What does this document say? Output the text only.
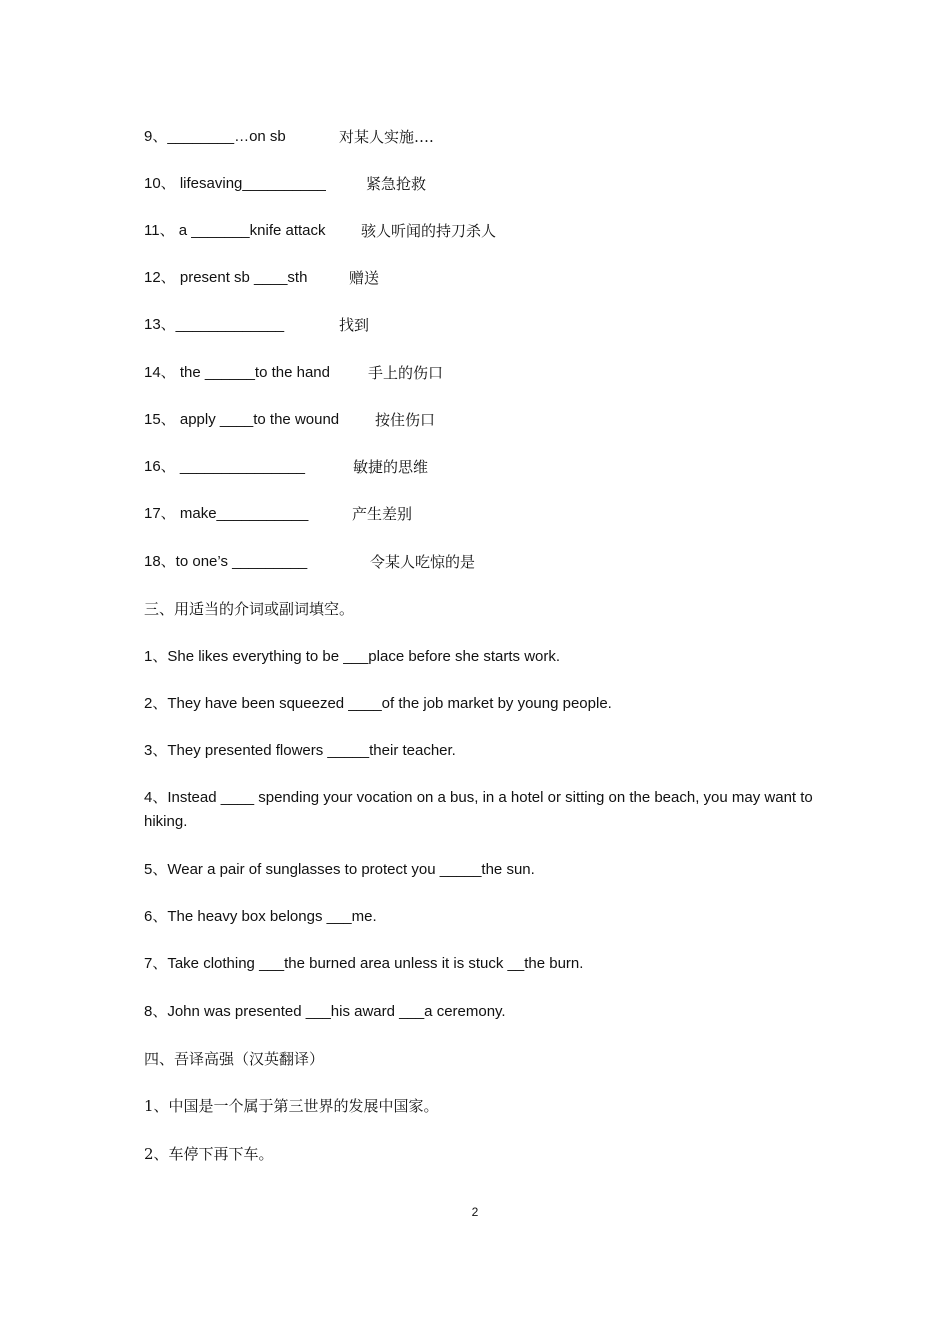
9、________…on sb	对某人实施….
10、 lifesaving__________	紧急抢救
11、 a _______knife attack 骇人听闻的持刀杀人
12、 present sb ____sth	赠送
13、_____________	找到
14、 the ______to the hand	手上的伤口
15、 apply ____to the wound 按住伤口
16、 _______________	敏捷的思维
17、 make___________	产生差别
18、to one’s _________	令某人吃惊的是
三、用适当的介词或副词填空。
1、She likes everything to be ___place before she starts work.
2、They have been squeezed ____of the job market by young people.
3、They presented flowers _____their teacher.
4、Instead ____ spending your vocation on a bus, in a hotel or sitting on the beach, you may want to hiking.
5、Wear a pair of sunglasses to protect you _____the sun.
6、The heavy box belongs ___me.
7、Take clothing ___the burned area unless it is stuck __the burn.
8、John was presented ___his award ___a ceremony.
四、吾译高强（汉英翻译）
1、中国是一个属于第三世界的发展中国家。
2、车停下再下车。
2
